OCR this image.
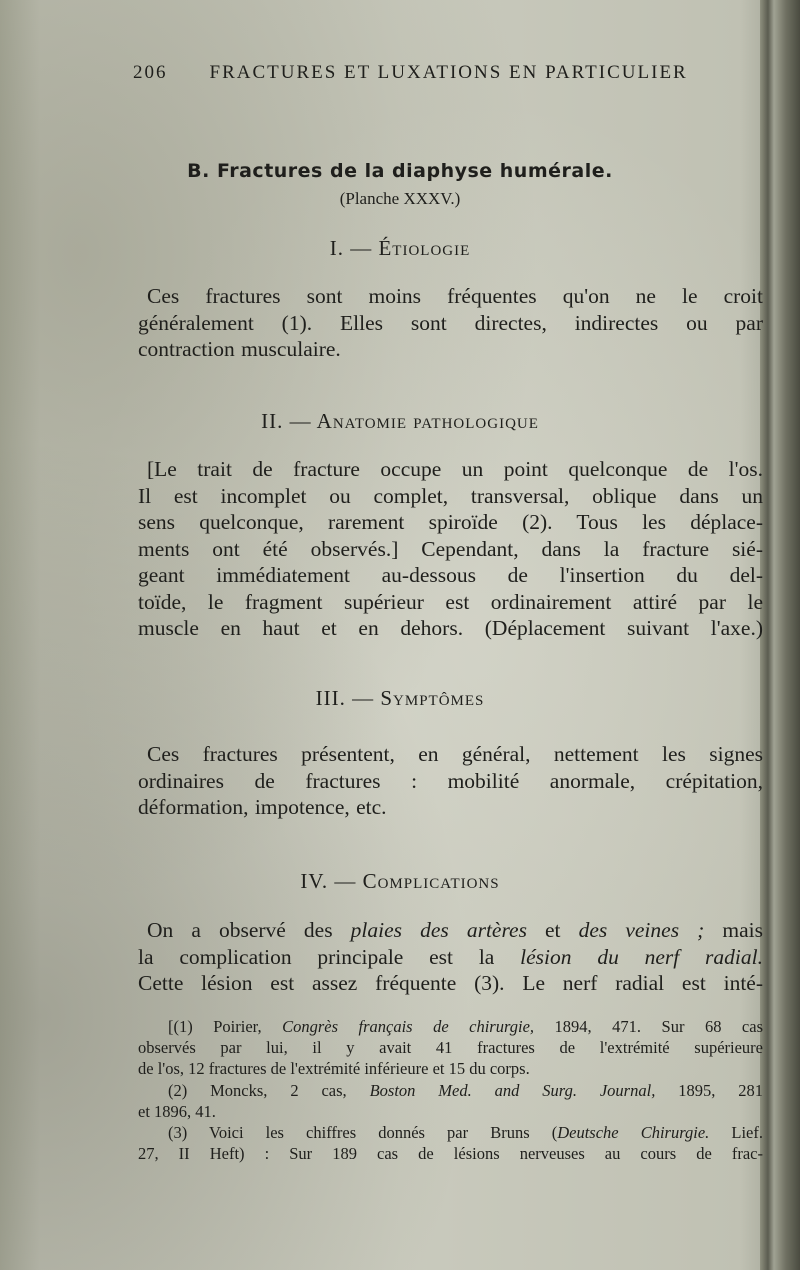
206 FRACTURES ET LUXATIONS EN PARTICULIER
B. Fractures de la diaphyse humérale.
(Planche XXXV.)
I. — Étiologie
Ces fractures sont moins fréquentes qu'on ne le croit
généralement (1). Elles sont directes, indirectes ou par
contraction musculaire.
II. — Anatomie pathologique
[Le trait de fracture occupe un point quelconque de l'os.
Il est incomplet ou complet, transversal, oblique dans un
sens quelconque, rarement spiroïde (2). Tous les déplace-
ments ont été observés.] Cependant, dans la fracture sié-
geant immédiatement au-dessous de l'insertion du del-
toïde, le fragment supérieur est ordinairement attiré par le
muscle en haut et en dehors. (Déplacement suivant l'axe.)
III. — Symptômes
Ces fractures présentent, en général, nettement les signes
ordinaires de fractures : mobilité anormale, crépitation,
déformation, impotence, etc.
IV. — Complications
On a observé des plaies des artères et des veines ; mais
la complication principale est la lésion du nerf radial.
Cette lésion est assez fréquente (3). Le nerf radial est inté-
[(1) Poirier, Congrès français de chirurgie, 1894, 471. Sur 68 cas
observés par lui, il y avait 41 fractures de l'extrémité supérieure
de l'os, 12 fractures de l'extrémité inférieure et 15 du corps.
(2) Moncks, 2 cas, Boston Med. and Surg. Journal, 1895, 281
et 1896, 41.
(3) Voici les chiffres donnés par Bruns (Deutsche Chirurgie. Lief.
27, II Heft) : Sur 189 cas de lésions nerveuses au cours de frac-
